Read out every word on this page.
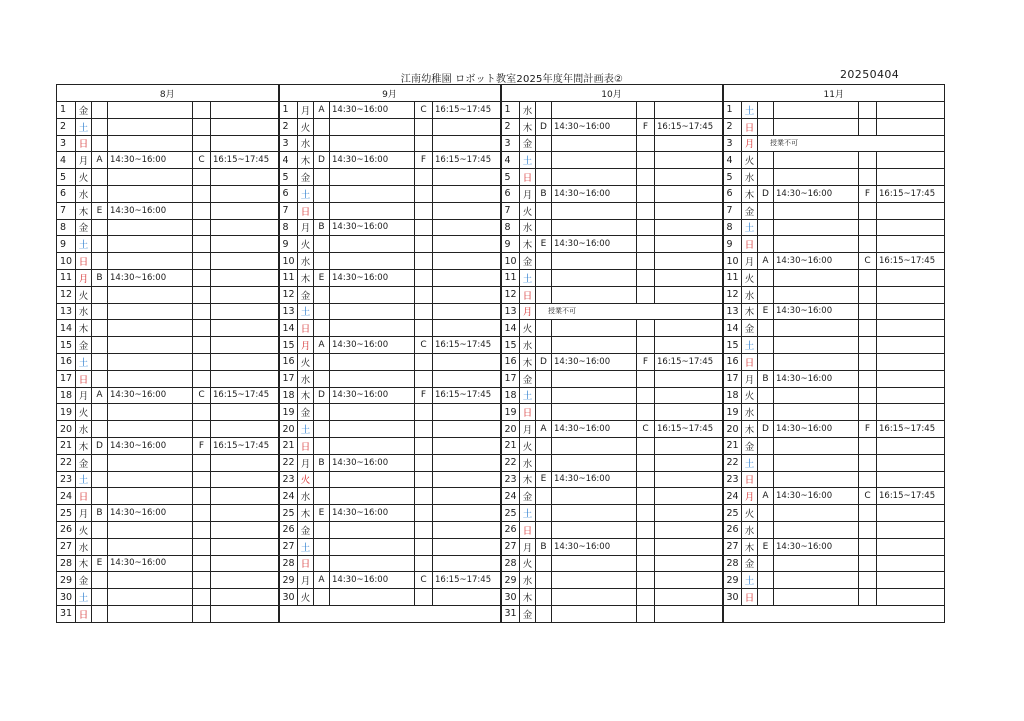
江南幼稚園 ロボット教室2025年度年間計画表②	20250404
8月						9月						10月						11月					
1	金					1	月	A	14:30~16:00	C	16:15~17:45	1	水					1	土				
2	土					2	火					2	木	D	14:30~16:00	F	16:15~17:45	2	日				
3	日					3	水					3	金					3	月	授業不可			
4	月	A	14:30~16:00	C	16:15~17:45	4	木	D	14:30~16:00	F	16:15~17:45	4	土					4	火				
5	火					5	金					5	日					5	水				
6	水					6	土					6	月	B	14:30~16:00			6	木	D	14:30~16:00	F	16:15~17:45
7	木	E	14:30~16:00			7	日					7	火					7	金				
8	金					8	月	B	14:30~16:00			8	水					8	土				
9	土					9	火					9	木	E	14:30~16:00			9	日				
10	日					10	水					10	金					10	月	A	14:30~16:00	C	16:15~17:45
11	月	B	14:30~16:00			11	木	E	14:30~16:00			11	土					11	火				
12	火					12	金					12	日					12	水				
13	水					13	土					13	月	授業不可				13	木	E	14:30~16:00		
14	木					14	日					14	火					14	金				
15	金					15	月	A	14:30~16:00	C	16:15~17:45	15	水					15	土				
16	土					16	火					16	木	D	14:30~16:00	F	16:15~17:45	16	日				
17	日					17	水					17	金					17	月	B	14:30~16:00		
18	月	A	14:30~16:00	C	16:15~17:45	18	木	D	14:30~16:00	F	16:15~17:45	18	土					18	火				
19	火					19	金					19	日					19	水				
20	水					20	土					20	月	A	14:30~16:00	C	16:15~17:45	20	木	D	14:30~16:00	F	16:15~17:45
21	木	D	14:30~16:00	F	16:15~17:45	21	日					21	火					21	金				
22	金					22	月	B	14:30~16:00			22	水					22	土				
23	土					23	火					23	木	E	14:30~16:00			23	日				
24	日					24	水					24	金					24	月	A	14:30~16:00	C	16:15~17:45
25	月	B	14:30~16:00			25	木	E	14:30~16:00			25	土					25	火				
26	火					26	金					26	日					26	水				
27	水					27	土					27	月	B	14:30~16:00			27	木	E	14:30~16:00		
28	木	E	14:30~16:00			28	日					28	火					28	金				
29	金					29	月	A	14:30~16:00	C	16:15~17:45	29	水					29	土				
30	土					30	火					30	木					30	日				
31	日											31	金										
